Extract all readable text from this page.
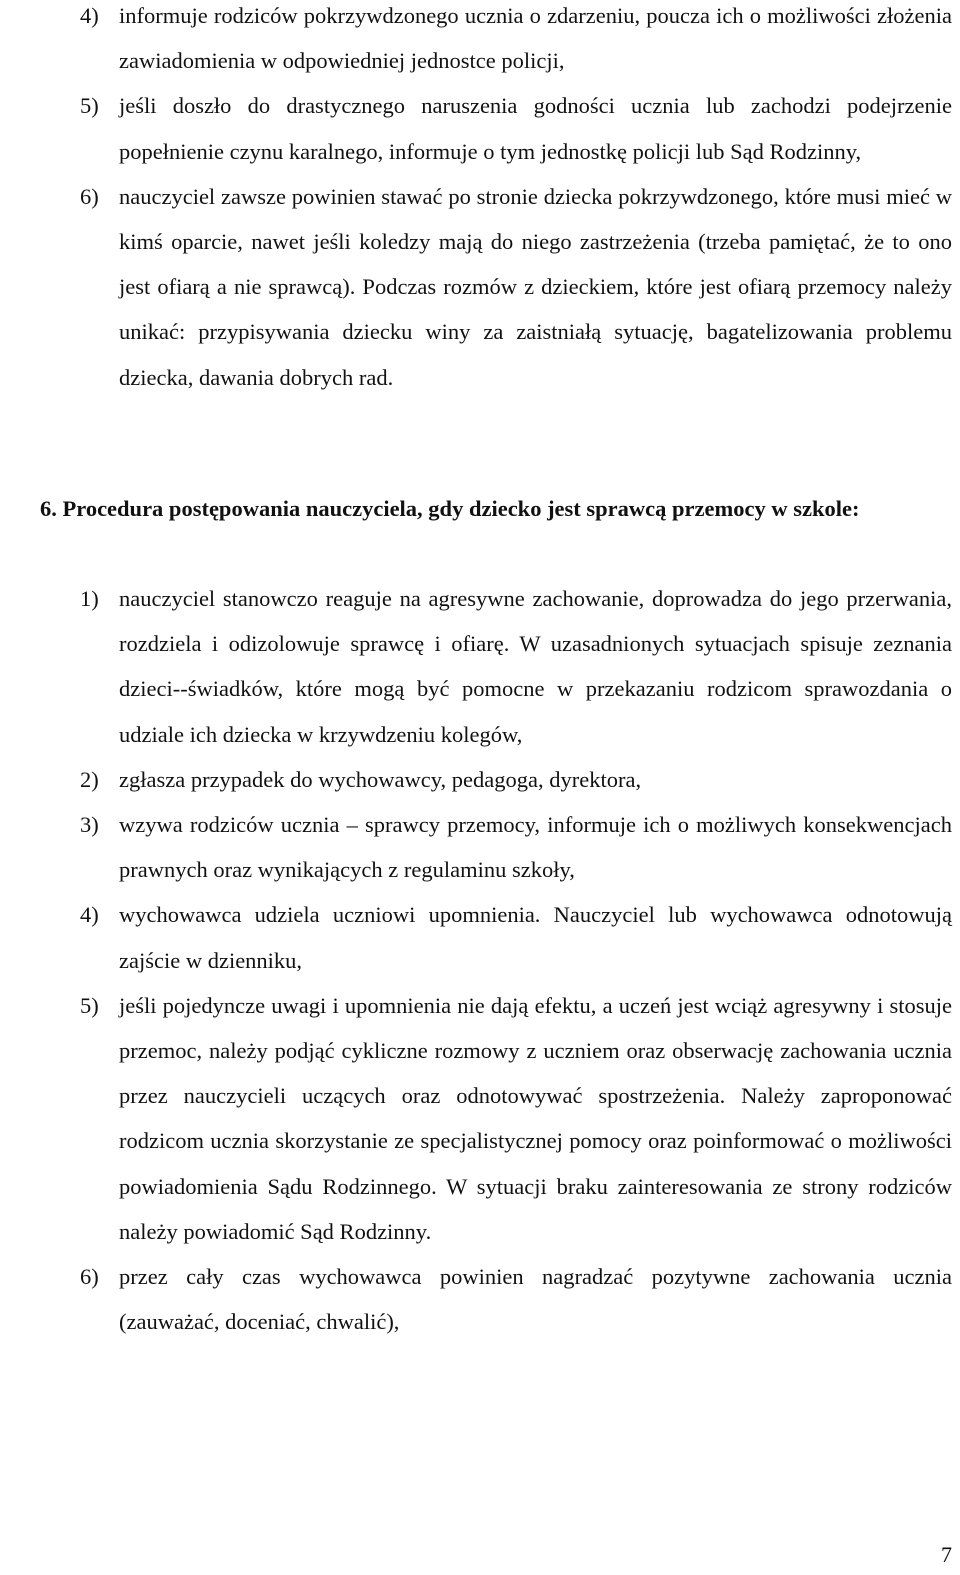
4) informuje rodziców pokrzywdzonego ucznia o zdarzeniu, poucza ich o możliwości złożenia zawiadomienia w odpowiedniej jednostce policji,
5) jeśli doszło do drastycznego naruszenia godności ucznia lub zachodzi podejrzenie popełnienie czynu karalnego, informuje o tym jednostkę policji lub Sąd Rodzinny,
6) nauczyciel zawsze powinien stawać po stronie dziecka pokrzywdzonego, które musi mieć w kimś oparcie, nawet jeśli koledzy mają do niego zastrzeżenia (trzeba pamiętać, że to ono jest ofiarą a nie sprawcą). Podczas rozmów z dzieckiem, które jest ofiarą przemocy należy unikać: przypisywania dziecku winy za zaistniałą sytuację, bagatelizowania problemu dziecka, dawania dobrych rad.
6. Procedura postępowania nauczyciela, gdy dziecko jest sprawcą przemocy w szkole:
1) nauczyciel stanowczo reaguje na agresywne zachowanie, doprowadza do jego przerwania, rozdziela i odizolowuje sprawcę i ofiarę. W uzasadnionych sytuacjach spisuje zeznania dzieci--świadków, które mogą być pomocne w przekazaniu rodzicom sprawozdania o udziale ich dziecka w krzywdzeniu kolegów,
2) zgłasza przypadek do wychowawcy, pedagoga, dyrektora,
3) wzywa rodziców ucznia – sprawcy przemocy, informuje ich o możliwych konsekwencjach prawnych oraz wynikających z regulaminu szkoły,
4) wychowawca udziela uczniowi upomnienia. Nauczyciel lub wychowawca odnotowują zajście w dzienniku,
5) jeśli pojedyncze uwagi i upomnienia nie dają efektu, a uczeń jest wciąż agresywny i stosuje przemoc, należy podjąć cykliczne rozmowy z uczniem oraz obserwację zachowania ucznia przez nauczycieli uczących oraz odnotowywać spostrzeżenia. Należy zaproponować rodzicom ucznia skorzystanie ze specjalistycznej pomocy oraz poinformować o możliwości powiadomienia Sądu Rodzinnego. W sytuacji braku zainteresowania ze strony rodziców należy powiadomić Sąd Rodzinny.
6) przez cały czas wychowawca powinien nagradzać pozytywne zachowania ucznia (zauważać, doceniać, chwalić),
7
